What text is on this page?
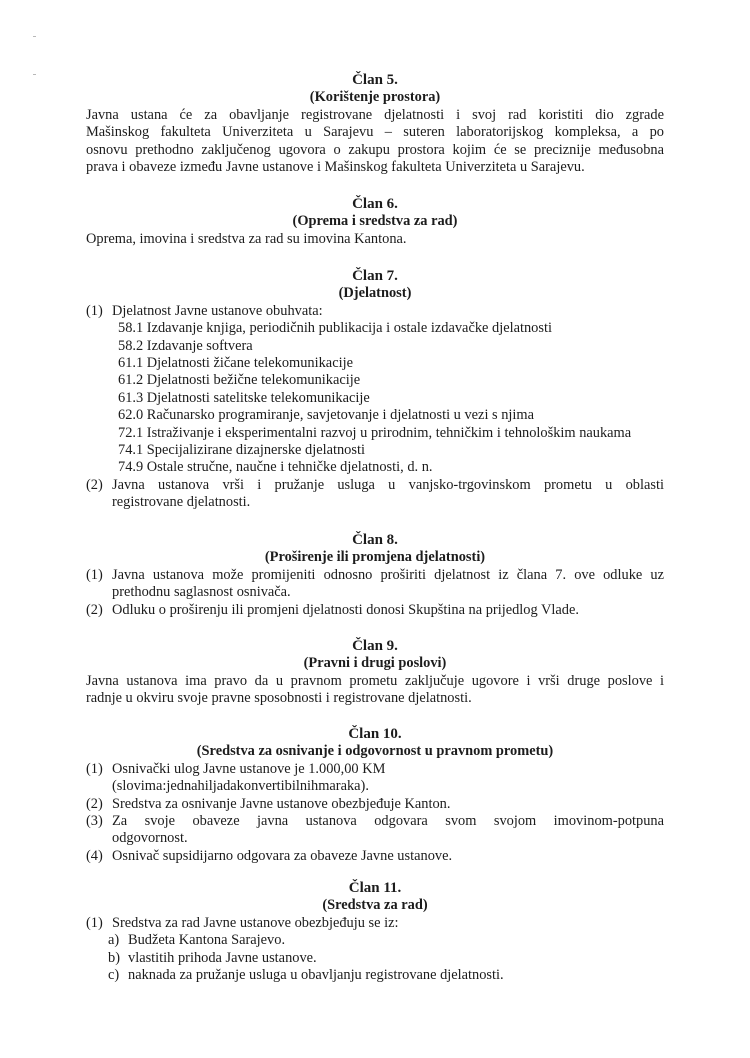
Član 5.

(Korištenje prostora)

Javna ustana će za obavljanje registrovane djelatnosti i svoj rad koristiti dio zgrade
Mašinskog fakulteta Univerziteta u Sarajevu – suteren laboratorijskog kompleksa, a po
osnovu prethodno zaključenog ugovora o zakupu prostora kojim će se preciznije međusobna
prava i obaveze između Javne ustanove i Mašinskog fakulteta Univerziteta u Sarajevu.

Član 6.

(Oprema i sredstva za rad)

Oprema, imovina i sredstva za rad su imovina Kantona.

Član 7.

(Djelatnost)

(1) Djelatnost Javne ustanove obuhvata:
58.1 Izdavanje knjiga, periodičnih publikacija i ostale izdavačke djelatnosti
58.2 Izdavanje softvera
61.1 Djelatnosti žičane telekomunikacije
61.2 Djelatnosti bežične telekomunikacije
61.3 Djelatnosti satelitske telekomunikacije
62.0 Računarsko programiranje, savjetovanje i djelatnosti u vezi s njima
72.1 Istraživanje i eksperimentalni razvoj u prirodnim, tehničkim i tehnološkim naukama
74.1 Specijalizirane dizajnerske djelatnosti
74.9 Ostale stručne, naučne i tehničke djelatnosti, d. n.
(2) Javna ustanova vrši i pružanje usluga u vanjsko-trgovinskom prometu u oblasti
registrovane djelatnosti.

Član 8.

(Proširenje ili promjena djelatnosti)

(1) Javna ustanova može promijeniti odnosno proširiti djelatnost iz člana 7. ove odluke uz
prethodnu saglasnost osnivača.
(2) Odluku o proširenju ili promjeni djelatnosti donosi Skupština na prijedlog Vlade.

Član 9.

(Pravni i drugi poslovi)

Javna ustanova ima pravo da u pravnom prometu zaključuje ugovore i vrši druge poslove i
radnje u okviru svoje pravne sposobnosti i registrovane djelatnosti.

Član 10.

(Sredstva za osnivanje i odgovornost u pravnom prometu)

(1) Osnivački ulog Javne ustanove je 1.000,00 KM
(slovima:jednahiljadakonvertibilnihmaraka).
(2) Sredstva za osnivanje Javne ustanove obezbjeđuje Kanton.
(3) Za svoje obaveze javna ustanova odgovara svom svojom imovinom-potpuna
odgovornost.
(4) Osnivač supsidijarno odgovara za obaveze Javne ustanove.

Član 11.

(Sredstva za rad)

(1) Sredstva za rad Javne ustanove obezbjeđuju se iz:
a) Budžeta Kantona Sarajevo.
b) vlastitih prihoda Javne ustanove.
c) naknada za pružanje usluga u obavljanju registrovane djelatnosti.
